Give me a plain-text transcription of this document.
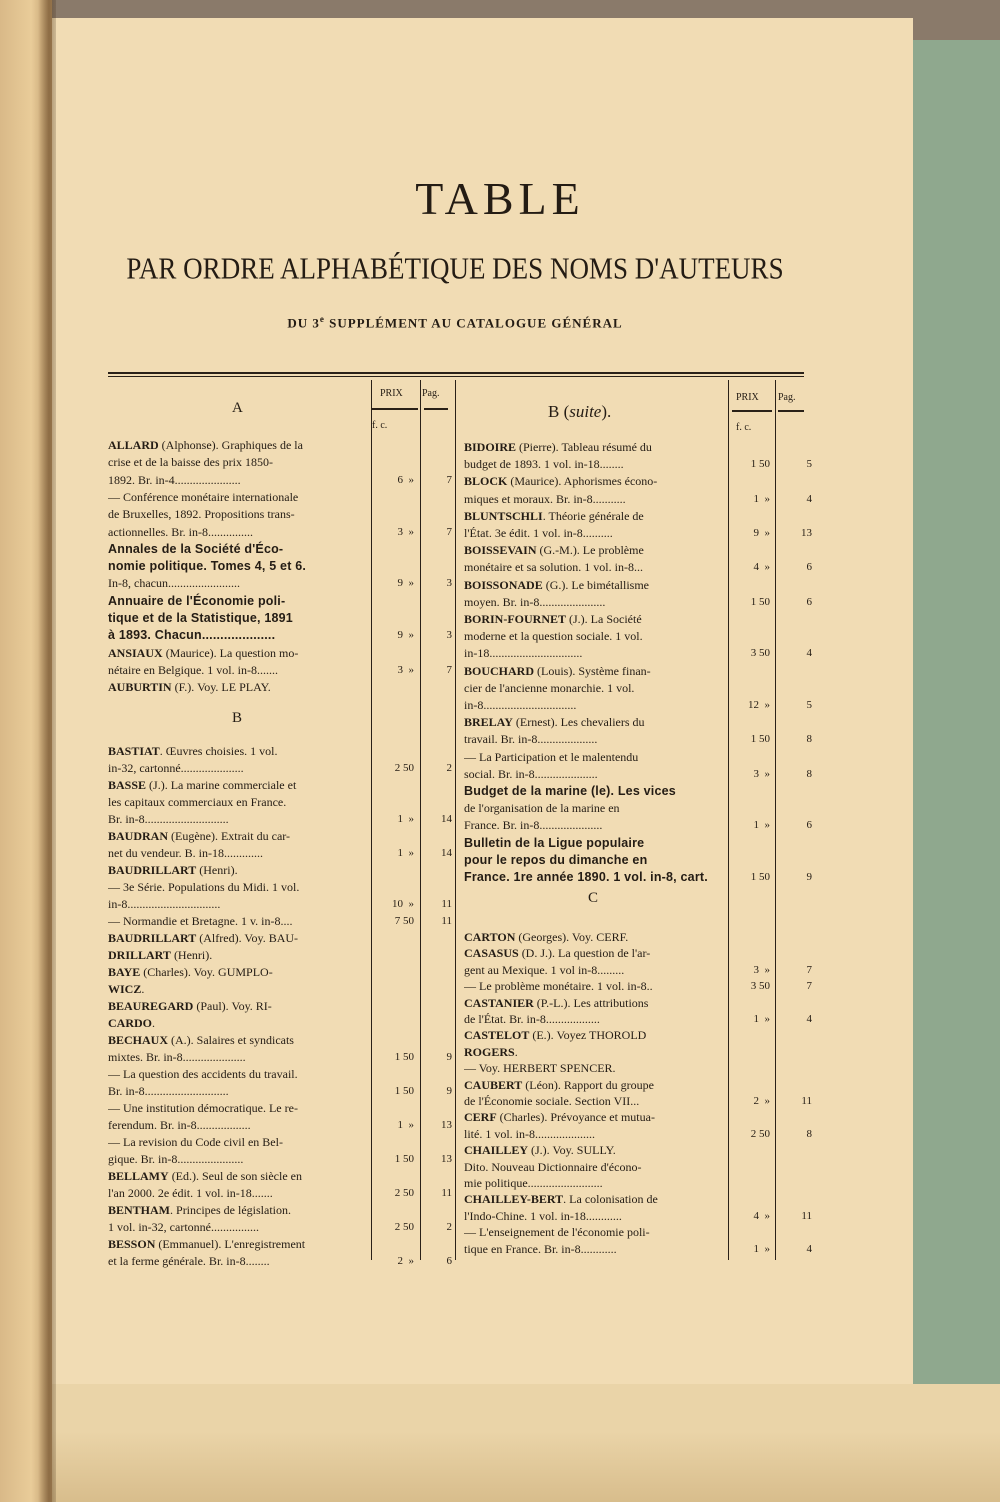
TABLE
PAR ORDRE ALPHABÉTIQUE DES NOMS D'AUTEURS
DU 3e SUPPLÉMENT AU CATALOGUE GÉNÉRAL
PRIX Pag.
f. c.
PRIX Pag.
f. c.
A
B
B (suite).
C
ALLARD (Alphonse). Graphiques de la
crise et de la baisse des prix 1850-
1892. Br. in-4......................	6  »	7
— Conférence monétaire internationale
de Bruxelles, 1892. Propositions trans-
actionnelles. Br. in-8...............	3  »	7
Annales de la Société d'Éco-
nomie politique. Tomes 4, 5 et 6.
In-8, chacun........................	9  »	3
Annuaire de l'Économie poli-
tique et de la Statistique, 1891
à 1893. Chacun....................	9  »	3
ANSIAUX (Maurice). La question mo-
nétaire en Belgique. 1 vol. in-8.......	3  »	7
AUBURTIN (F.). Voy. LE PLAY.
BASTIAT. Œuvres choisies. 1 vol.
in-32, cartonné.....................	2 50	2
BASSE (J.). La marine commerciale et
les capitaux commerciaux en France.
Br. in-8............................	1  »	14
BAUDRAN (Eugène). Extrait du car-
net du vendeur. B. in-18.............	1  »	14
BAUDRILLART (Henri).
— 3e Série. Populations du Midi. 1 vol.
in-8...............................	10  »	11
— Normandie et Bretagne. 1 v. in-8....	7 50	11
BAUDRILLART (Alfred). Voy. BAU-
DRILLART (Henri).
BAYE (Charles). Voy. GUMPLO-
WICZ.
BEAUREGARD (Paul). Voy. RI-
CARDO.
BECHAUX (A.). Salaires et syndicats
mixtes. Br. in-8.....................	1 50	9
— La question des accidents du travail.
Br. in-8............................	1 50	9
— Une institution démocratique. Le re-
ferendum. Br. in-8..................	1  »	13
— La revision du Code civil en Bel-
gique. Br. in-8......................	1 50	13
BELLAMY (Ed.). Seul de son siècle en
l'an 2000. 2e édit. 1 vol. in-18.......	2 50	11
BENTHAM. Principes de législation.
1 vol. in-32, cartonné................	2 50	2
BESSON (Emmanuel). L'enregistrement
et la ferme générale. Br. in-8........	2  »	6
BIDOIRE (Pierre). Tableau résumé du
budget de 1893. 1 vol. in-18........	1 50	5
BLOCK (Maurice). Aphorismes écono-
miques et moraux. Br. in-8...........	1  »	4
BLUNTSCHLI. Théorie générale de
l'État. 3e édit. 1 vol. in-8..........	9  »	13
BOISSEVAIN (G.-M.). Le problème
monétaire et sa solution. 1 vol. in-8...	4  »	6
BOISSONADE (G.). Le bimétallisme
moyen. Br. in-8......................	1 50	6
BORIN-FOURNET (J.). La Société
moderne et la question sociale. 1 vol.
in-18...............................	3 50	4
BOUCHARD (Louis). Système finan-
cier de l'ancienne monarchie. 1 vol.
in-8...............................	12  »	5
BRELAY (Ernest). Les chevaliers du
travail. Br. in-8....................	1 50	8
— La Participation et le malentendu
social. Br. in-8.....................	3  »	8
Budget de la marine (le). Les vices
de l'organisation de la marine en
France. Br. in-8.....................	1  »	6
Bulletin de la Ligue populaire
pour le repos du dimanche en
France. 1re année 1890. 1 vol. in-8, cart.	1 50	9
CARTON (Georges). Voy. CERF.
CASASUS (D. J.). La question de l'ar-
gent au Mexique. 1 vol in-8.........	3  »	7
— Le problème monétaire. 1 vol. in-8..	3 50	7
CASTANIER (P.-L.). Les attributions
de l'État. Br. in-8..................	1  »	4
CASTELOT (E.). Voyez THOROLD
ROGERS.
— Voy. HERBERT SPENCER.
CAUBERT (Léon). Rapport du groupe
de l'Économie sociale. Section VII...	2  »	11
CERF (Charles). Prévoyance et mutua-
lité. 1 vol. in-8....................	2 50	8
CHAILLEY (J.). Voy. SULLY.
Dito. Nouveau Dictionnaire d'écono-
mie politique.........................
CHAILLEY-BERT. La colonisation de
l'Indo-Chine. 1 vol. in-18............	4  »	11
— L'enseignement de l'économie poli-
tique en France. Br. in-8............	1  »	4
